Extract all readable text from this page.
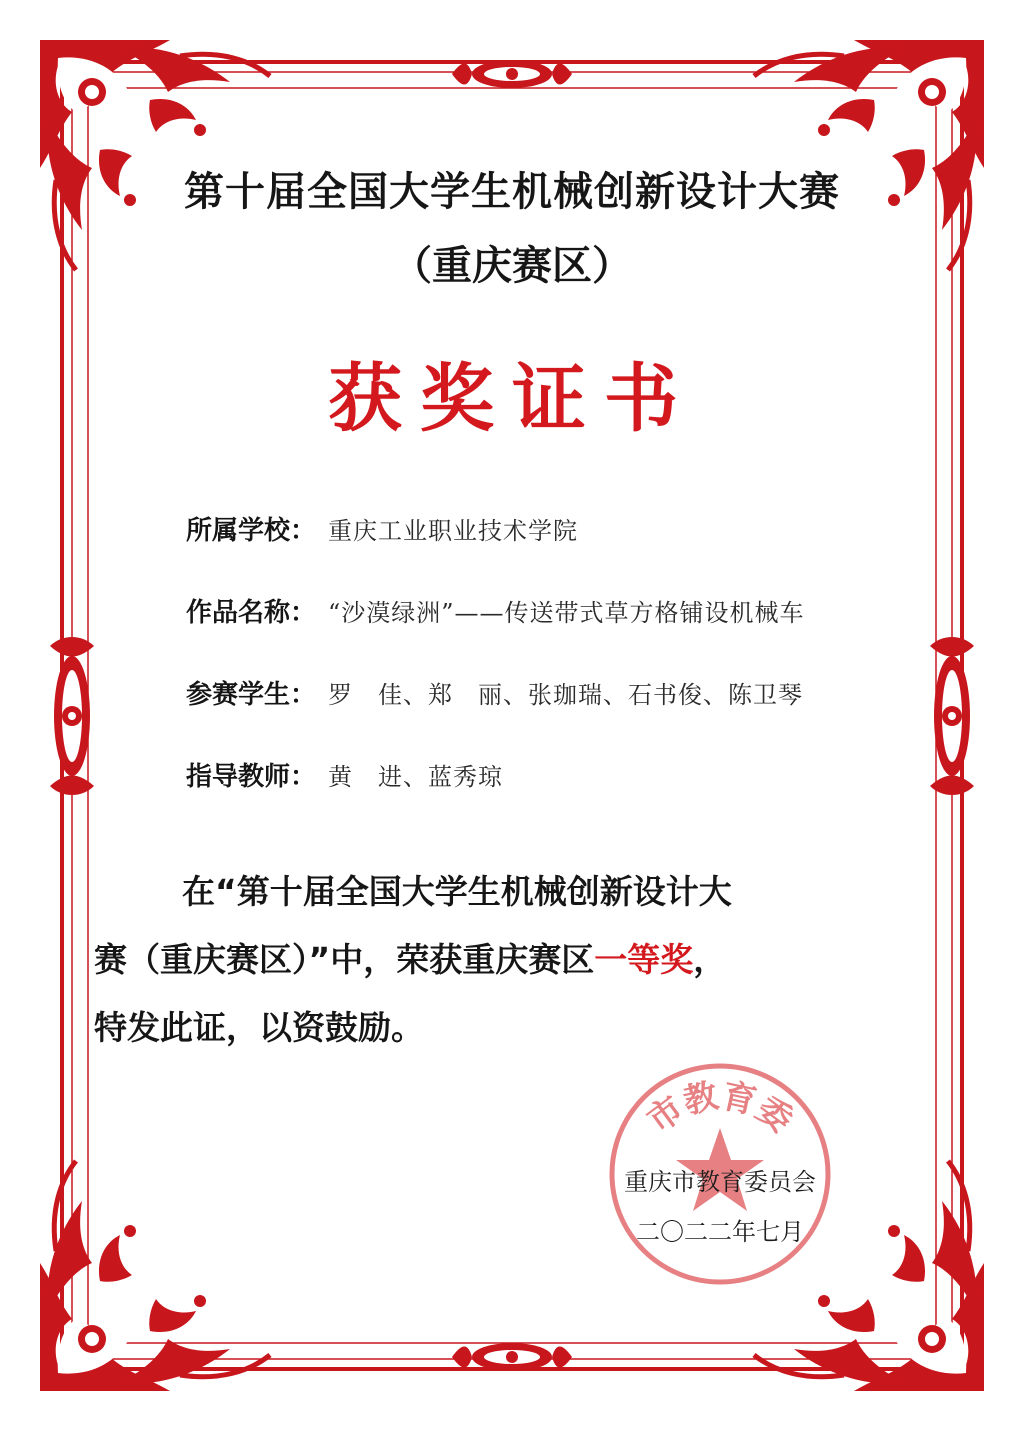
第十届全国大学生机械创新设计大赛
（重庆赛区）
获奖证书
所属学校： 重庆工业职业技术学院
作品名称： “沙漠绿洲”——传送带式草方格铺设机械车
参赛学生： 罗　佳、郑　丽、张珈瑞、石书俊、陈卫琴
指导教师： 黄　进、蓝秀琼
在“第十届全国大学生机械创新设计大
赛（重庆赛区）”中，荣获重庆赛区一等奖，
特发此证，以资鼓励。
市教育委
重庆市教育委员会
二〇二二年七月
